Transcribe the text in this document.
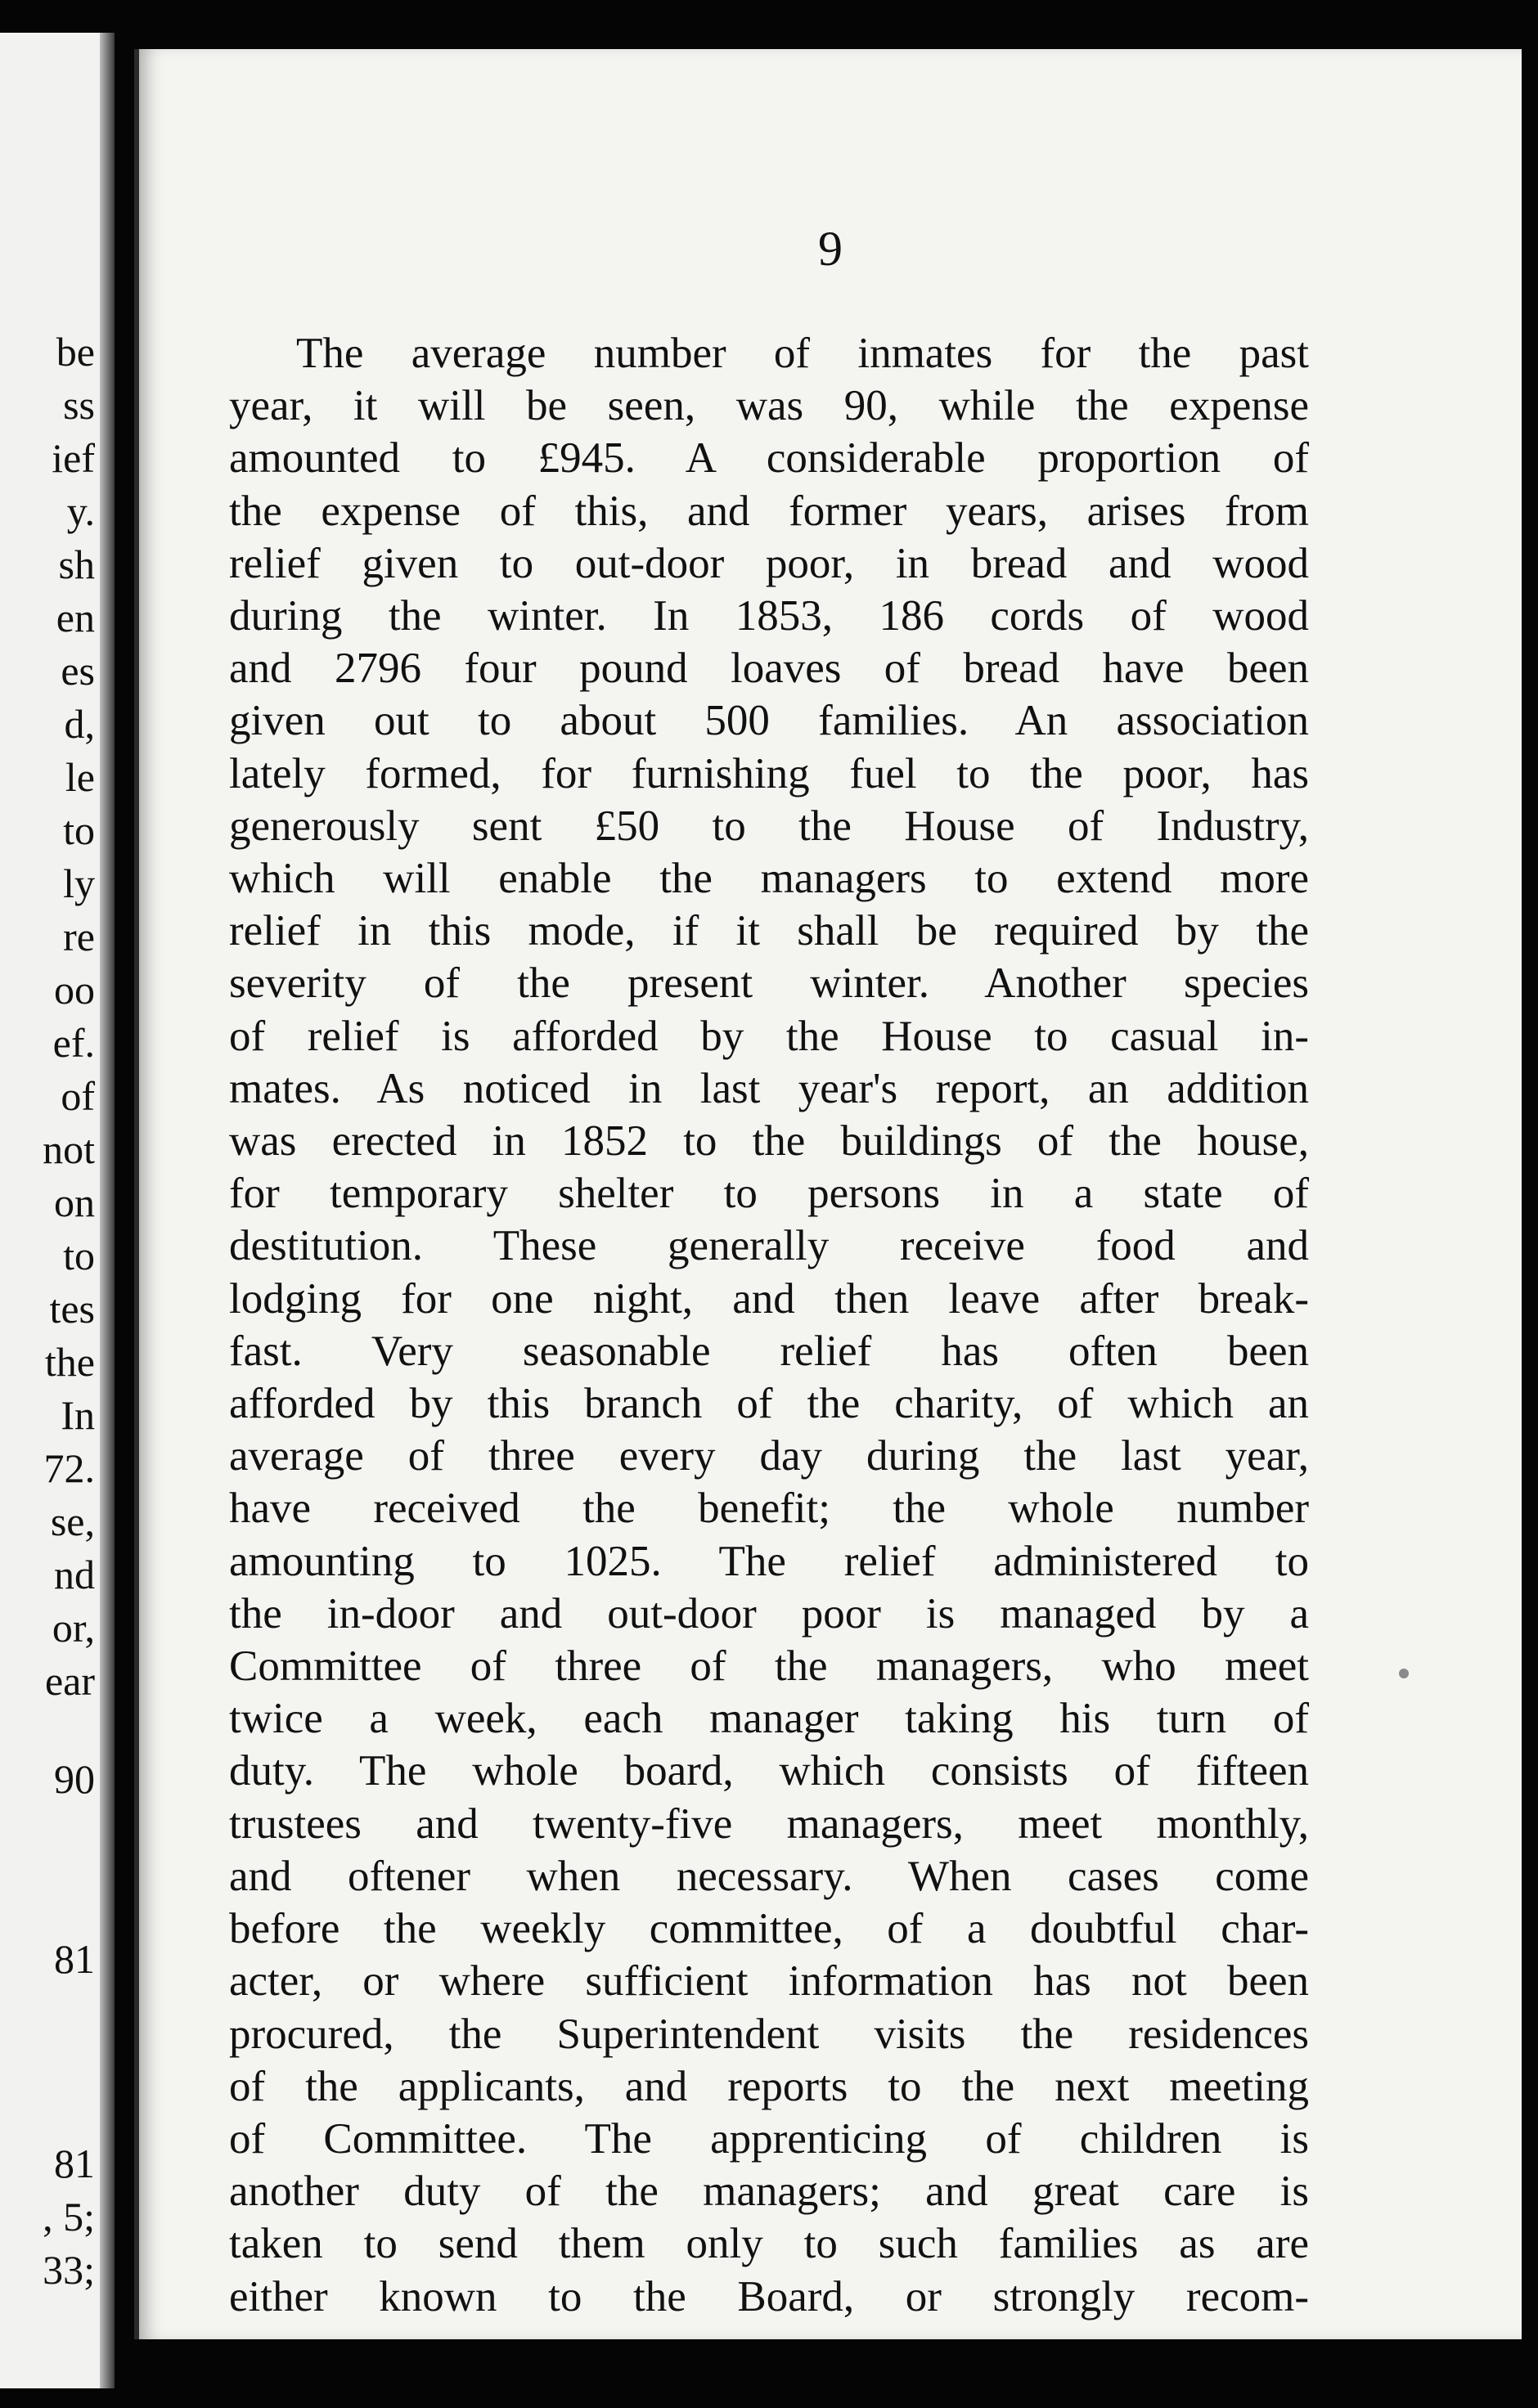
be
ss
ief
y.
sh
en
es
d,
le
to
ly
re
oo
ef.
of
not
on
to
tes
the
In
72.
se,
nd
or,
ear
90
81
81
, 5;
33;
9
The average number of inmates for the past
year, it will be seen, was 90, while the expense
amounted to £945. A considerable proportion of
the expense of this, and former years, arises from
relief given to out-door poor, in bread and wood
during the winter. In 1853, 186 cords of wood
and 2796 four pound loaves of bread have been
given out to about 500 families. An association
lately formed, for furnishing fuel to the poor, has
generously sent £50 to the House of Industry,
which will enable the managers to extend more
relief in this mode, if it shall be required by the
severity of the present winter. Another species
of relief is afforded by the House to casual in-
mates. As noticed in last year's report, an addition
was erected in 1852 to the buildings of the house,
for temporary shelter to persons in a state of
destitution. These generally receive food and
lodging for one night, and then leave after break-
fast. Very seasonable relief has often been
afforded by this branch of the charity, of which an
average of three every day during the last year,
have received the benefit; the whole number
amounting to 1025. The relief administered to
the in-door and out-door poor is managed by a
Committee of three of the managers, who meet
twice a week, each manager taking his turn of
duty. The whole board, which consists of fifteen
trustees and twenty-five managers, meet monthly,
and oftener when necessary. When cases come
before the weekly committee, of a doubtful char-
acter, or where sufficient information has not been
procured, the Superintendent visits the residences
of the applicants, and reports to the next meeting
of Committee. The apprenticing of children is
another duty of the managers; and great care is
taken to send them only to such families as are
either known to the Board, or strongly recom-
